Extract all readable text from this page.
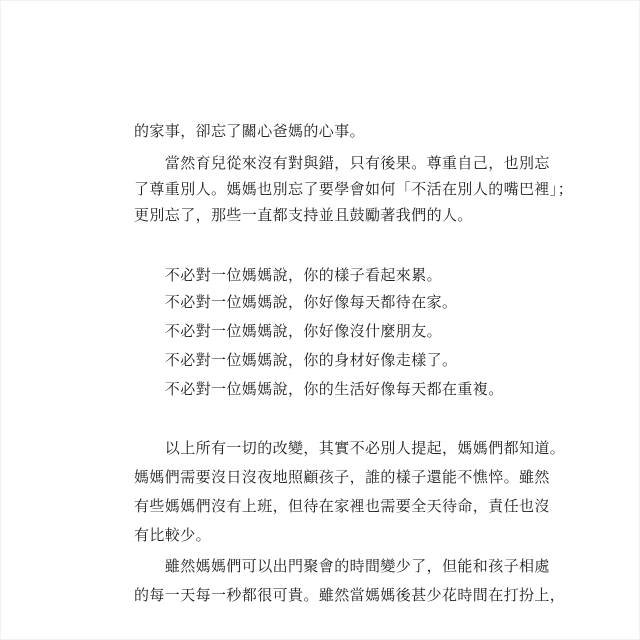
的家事，卻忘了關心爸媽的心事。
　　當然育兒從來沒有對與錯，只有後果。尊重自己，也別忘
了尊重別人。媽媽也別忘了要學會如何「不活在別人的嘴巴裡」；
更別忘了，那些一直都支持並且鼓勵著我們的人。
　　不必對一位媽媽說，你的樣子看起來累。
　　不必對一位媽媽說，你好像每天都待在家。
　　不必對一位媽媽說，你好像沒什麼朋友。
　　不必對一位媽媽說，你的身材好像走樣了。
　　不必對一位媽媽說，你的生活好像每天都在重複。
　　以上所有一切的改變，其實不必別人提起，媽媽們都知道。
媽媽們需要沒日沒夜地照顧孩子，誰的樣子還能不憔悴。雖然
有些媽媽們沒有上班，但待在家裡也需要全天待命，責任也沒
有比較少。
　　雖然媽媽們可以出門聚會的時間變少了，但能和孩子相處
的每一天每一秒都很可貴。雖然當媽媽後甚少花時間在打扮上，
